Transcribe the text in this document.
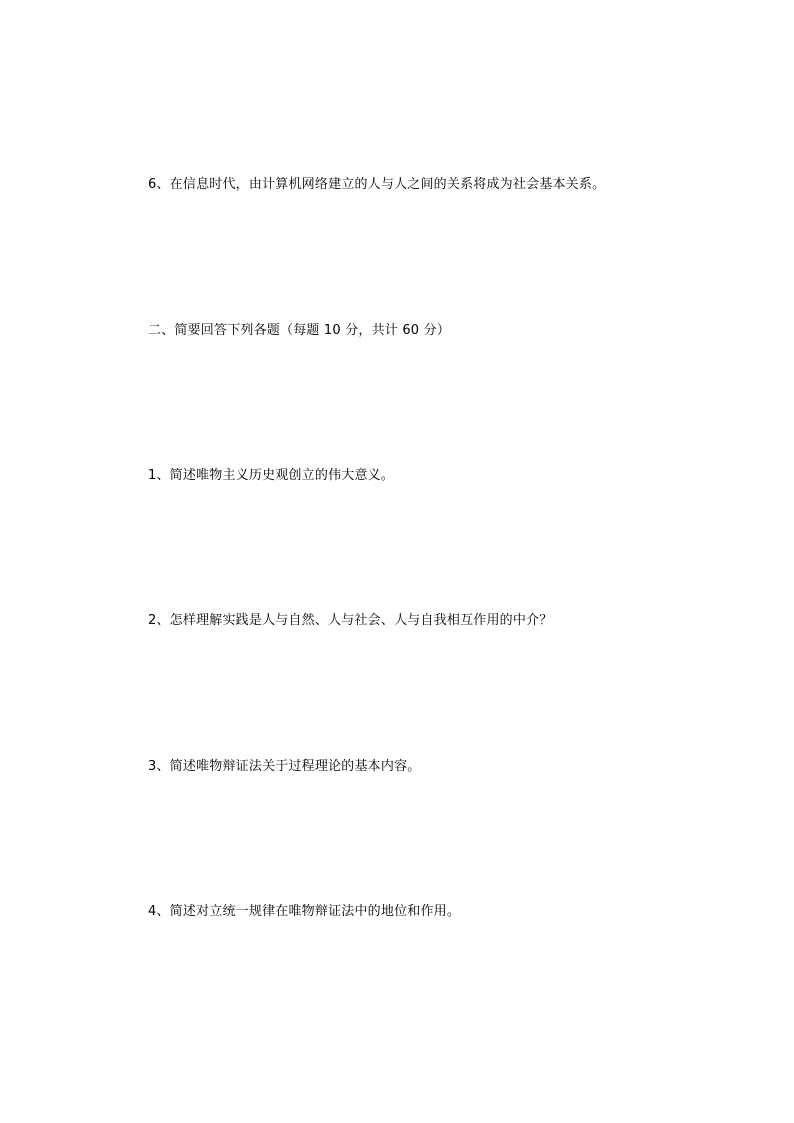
6、在信息时代，由计算机网络建立的人与人之间的关系将成为社会基本关系。
二、简要回答下列各题（每题 10 分，共计 60 分）
1、简述唯物主义历史观创立的伟大意义。
2、怎样理解实践是人与自然、人与社会、人与自我相互作用的中介？
3、简述唯物辩证法关于过程理论的基本内容。
4、简述对立统一规律在唯物辩证法中的地位和作用。
